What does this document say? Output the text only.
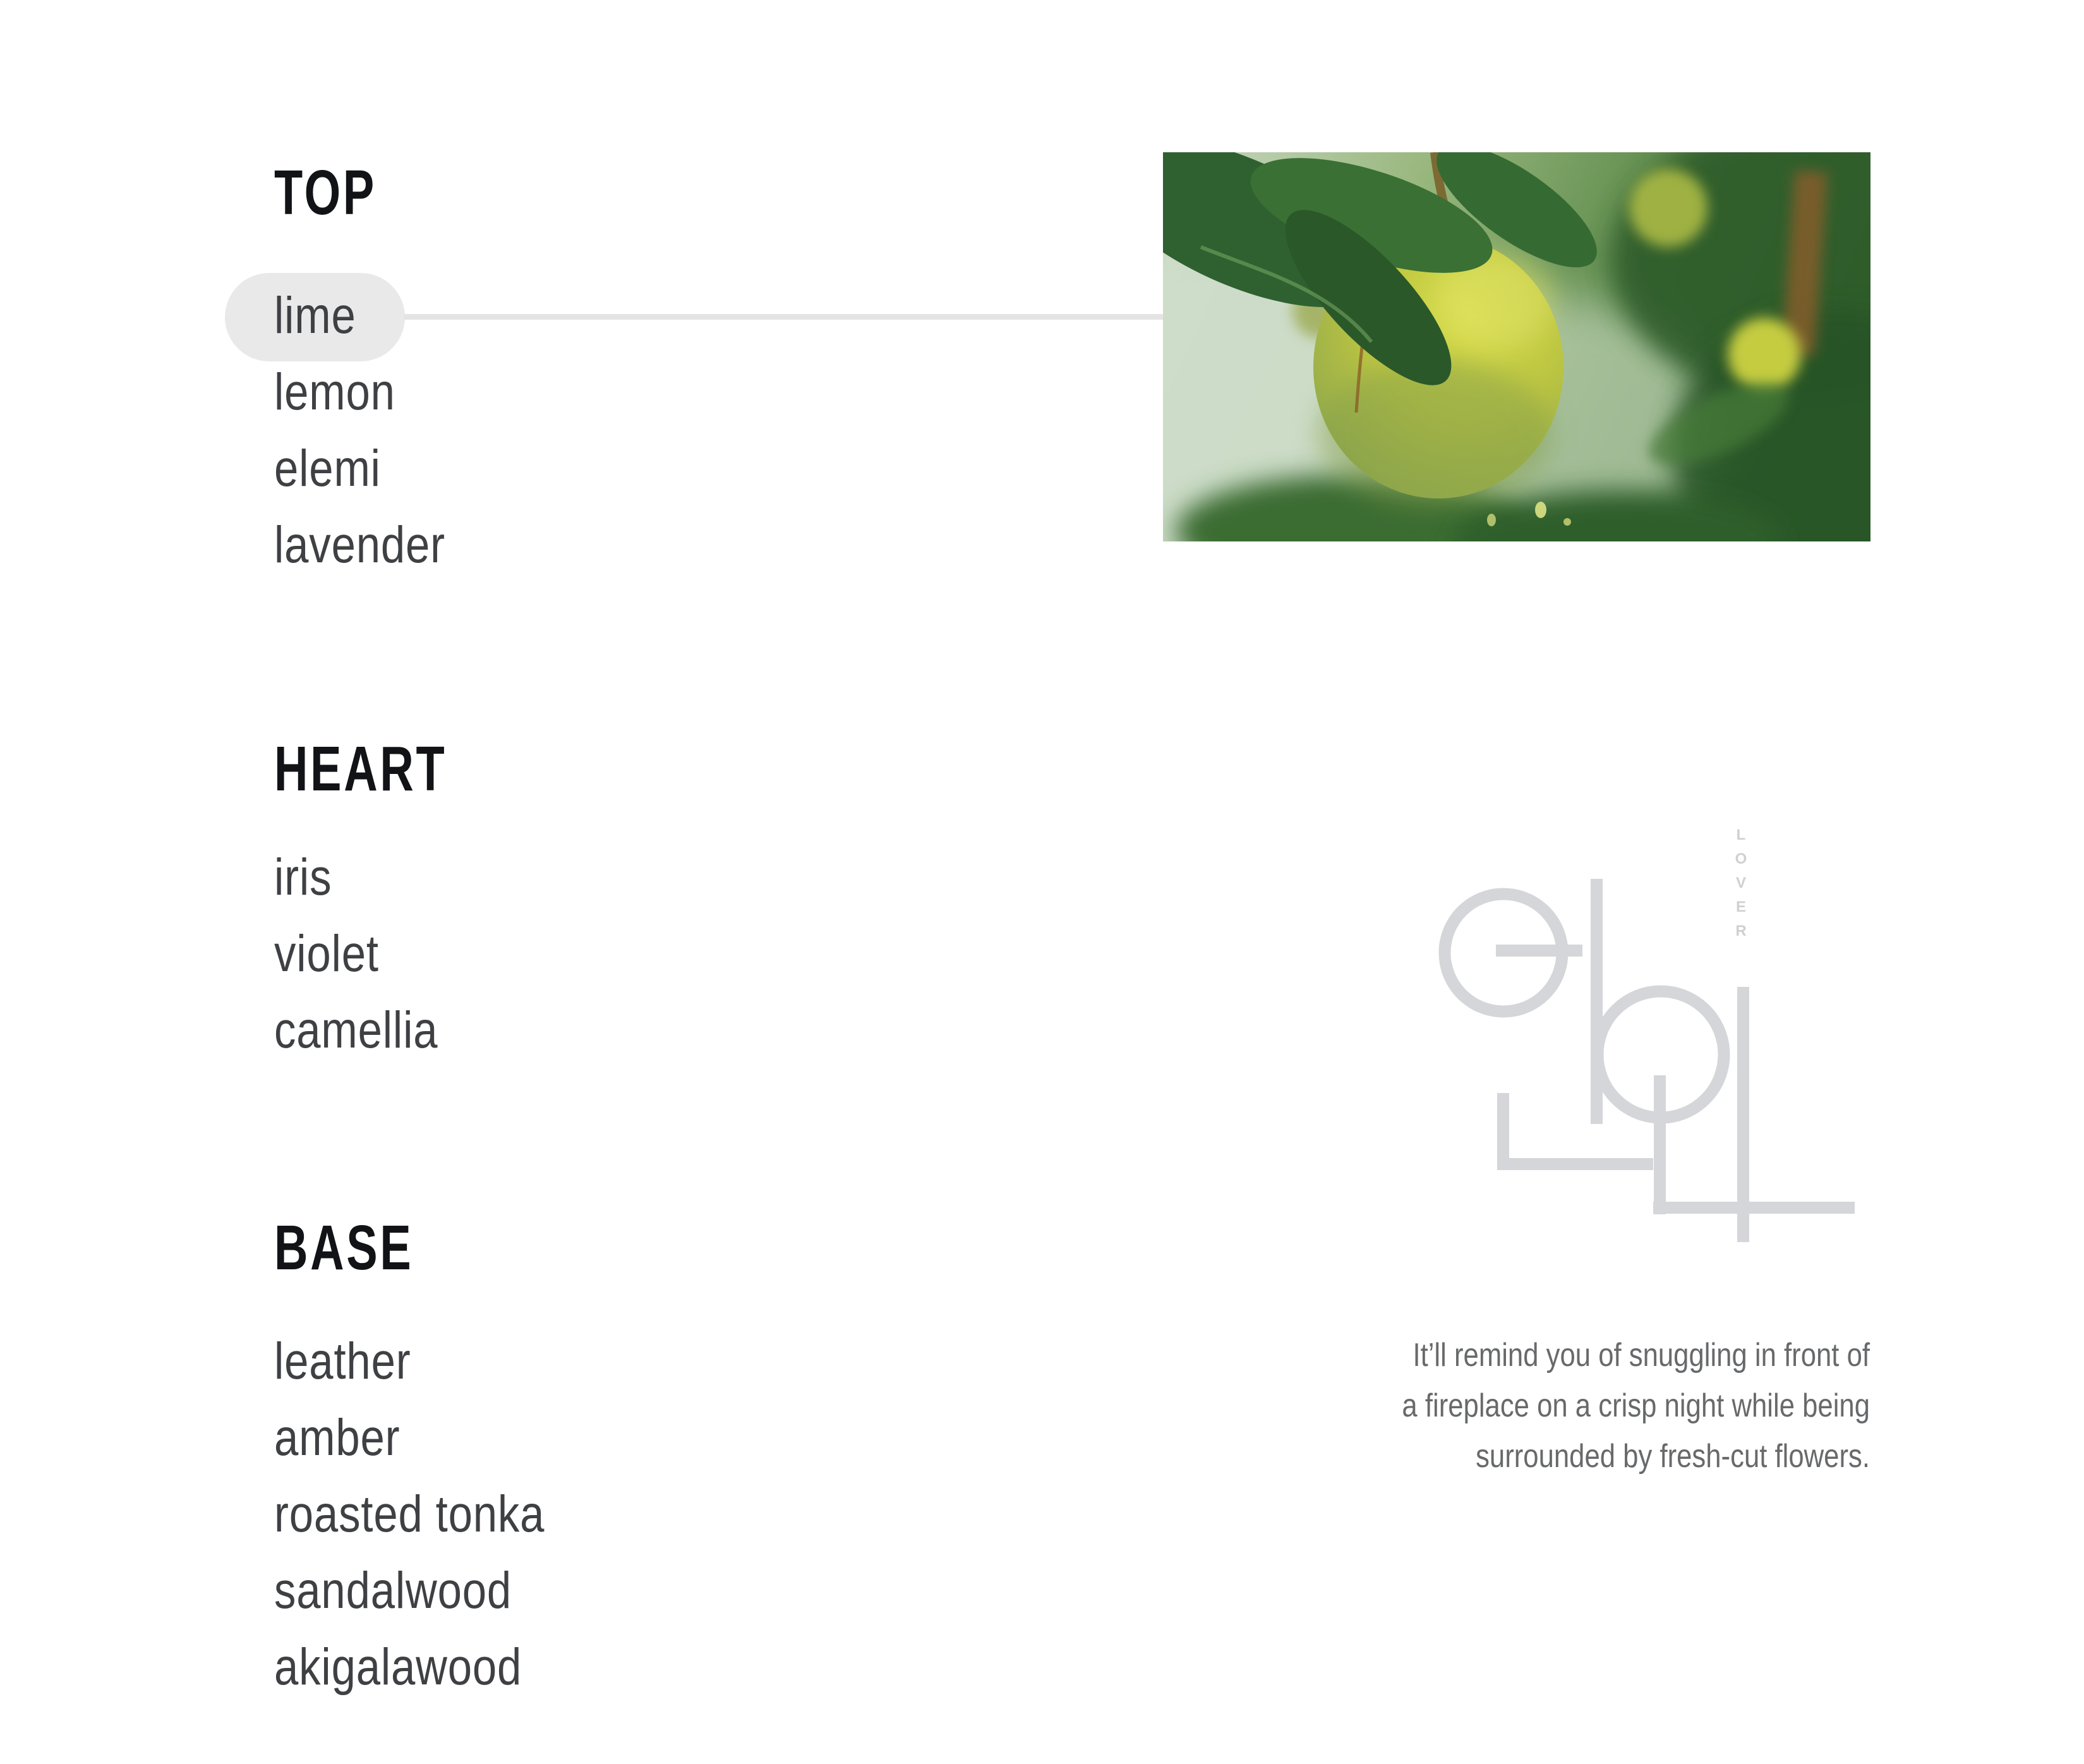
TOP
lime
lemon
elemi
lavender
HEART
iris
violet
camellia
BASE
leather
amber
roasted tonka
sandalwood
akigalawood
L
O
V
E
R
It’ll remind you of snuggling in front of
a fireplace on a crisp night while being
surrounded by fresh-cut flowers.
